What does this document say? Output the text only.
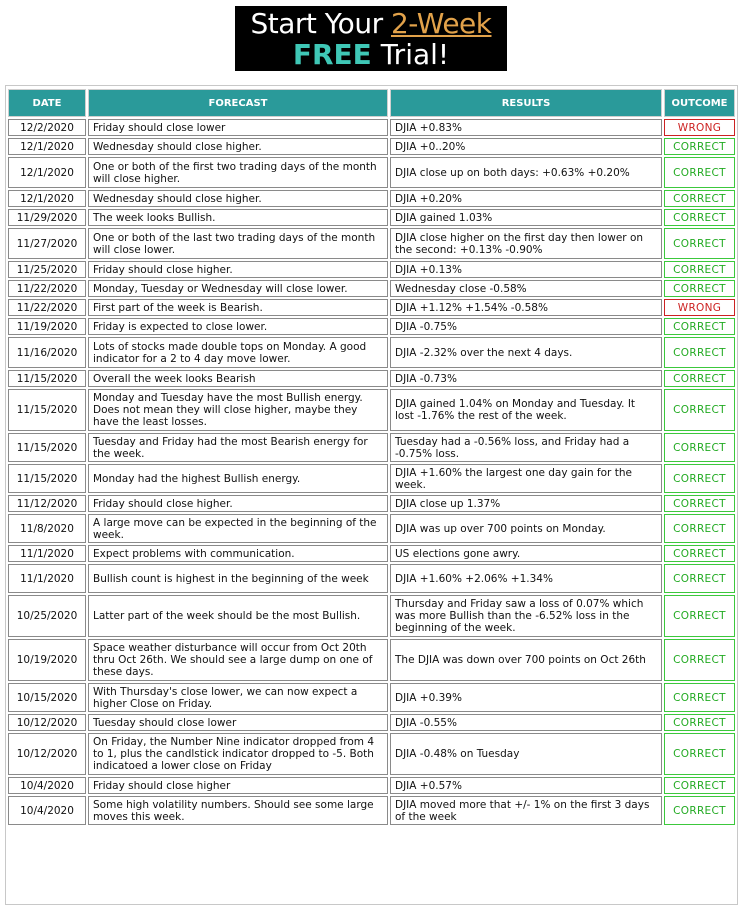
Start Your 2-Week
FREE Trial!
DATE	FORECAST	RESULTS	OUTCOME
12/2/2020	Friday should close lower	DJIA +0.83%	WRONG
12/1/2020	Wednesday should close higher.	DJIA +0..20%	CORRECT
12/1/2020	One or both of the first two trading days of the month will close higher.	DJIA close up on both days: +0.63% +0.20%	CORRECT
12/1/2020	Wednesday should close higher.	DJIA +0.20%	CORRECT
11/29/2020	The week looks Bullish.	DJIA gained 1.03%	CORRECT
11/27/2020	One or both of the last two trading days of the month will close lower.	DJIA close higher on the first day then lower on the second: +0.13% -0.90%	CORRECT
11/25/2020	Friday should close higher.	DJIA +0.13%	CORRECT
11/22/2020	Monday, Tuesday or Wednesday will close lower.	Wednesday close -0.58%	CORRECT
11/22/2020	First part of the week is Bearish.	DJIA +1.12% +1.54% -0.58%	WRONG
11/19/2020	Friday is expected to close lower.	DJIA -0.75%	CORRECT
11/16/2020	Lots of stocks made double tops on Monday. A good indicator for a 2 to 4 day move lower.	DJIA -2.32% over the next 4 days.	CORRECT
11/15/2020	Overall the week looks Bearish	DJIA -0.73%	CORRECT
11/15/2020	Monday and Tuesday have the most Bullish energy. Does not mean they will close higher, maybe they have the least losses.	DJIA gained 1.04% on Monday and Tuesday. It lost -1.76% the rest of the week.	CORRECT
11/15/2020	Tuesday and Friday had the most Bearish energy for the week.	Tuesday had a -0.56% loss, and Friday had a -0.75% loss.	CORRECT
11/15/2020	Monday had the highest Bullish energy.	DJIA +1.60% the largest one day gain for the week.	CORRECT
11/12/2020	Friday should close higher.	DJIA close up 1.37%	CORRECT
11/8/2020	A large move can be expected in the beginning of the week.	DJIA was up over 700 points on Monday.	CORRECT
11/1/2020	Expect problems with communication.	US elections gone awry.	CORRECT
11/1/2020	Bullish count is highest in the beginning of the week	DJIA +1.60% +2.06% +1.34%	CORRECT
10/25/2020	Latter part of the week should be the most Bullish.	Thursday and Friday saw a loss of 0.07% which was more Bullish than the -6.52% loss in the beginning of the week.	CORRECT
10/19/2020	Space weather disturbance will occur from Oct 20th thru Oct 26th. We should see a large dump on one of these days.	The DJIA was down over 700 points on Oct 26th	CORRECT
10/15/2020	With Thursday's close lower, we can now expect a higher Close on Friday.	DJIA +0.39%	CORRECT
10/12/2020	Tuesday should close lower	DJIA -0.55%	CORRECT
10/12/2020	On Friday, the Number Nine indicator dropped from 4 to 1, plus the candlstick indicator dropped to -5. Both indicatoed a lower close on Friday	DJIA -0.48% on Tuesday	CORRECT
10/4/2020	Friday should close higher	DJIA +0.57%	CORRECT
10/4/2020	Some high volatility numbers. Should see some large moves this week.	DJIA moved more that +/- 1% on the first 3 days of the week	CORRECT
